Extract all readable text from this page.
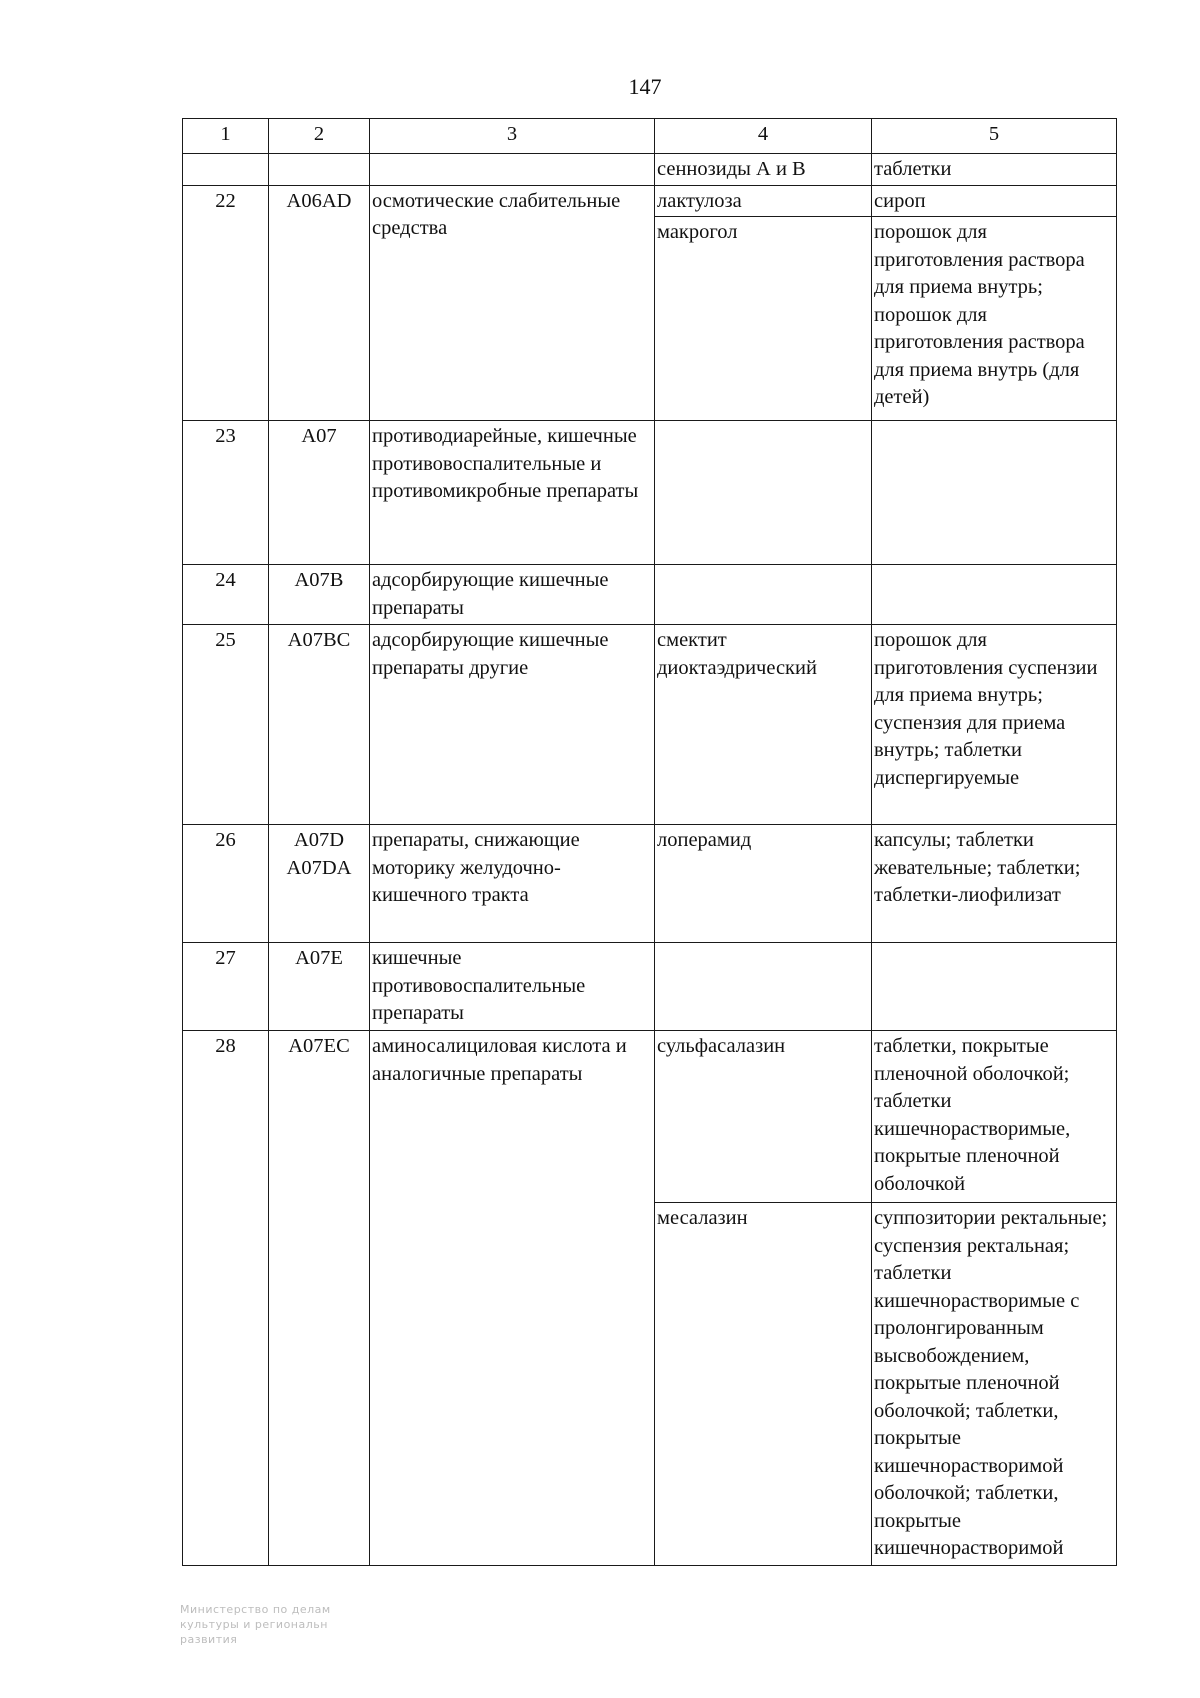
147
1	2	3	4	5
			сеннозиды А и В	таблетки
22	A06AD	осмотические слабительные средства	лактулоза	сироп
			макрогол	порошок для приготовления раствора для приема внутрь; порошок для приготовления раствора для приема внутрь (для детей)
23	A07	противодиарейные, кишечные противовоспалительные и противомикробные препараты		
24	A07B	адсорбирующие кишечные препараты		
25	A07BC	адсорбирующие кишечные препараты другие	смектит диоктаэдрический	порошок для приготовления суспензии для приема внутрь; суспензия для приема внутрь; таблетки диспергируемые
26	A07D A07DA	препараты, снижающие моторику желудочно-кишечного тракта	лоперамид	капсулы; таблетки жевательные; таблетки; таблетки-лиофилизат
27	A07E	кишечные противовоспалительные препараты		
28	A07EC	аминосалициловая кислота и аналогичные препараты	сульфасалазин	таблетки, покрытые пленочной оболочкой; таблетки кишечнорастворимые, покрытые пленочной оболочкой
			месалазин	суппозитории ректальные; суспензия ректальная; таблетки кишечнорастворимые с пролонгированным высвобождением, покрытые пленочной оболочкой; таблетки, покрытые кишечнорастворимой оболочкой; таблетки, покрытые кишечнорастворимой
Министерство по делам
культуры и региональн
развития
